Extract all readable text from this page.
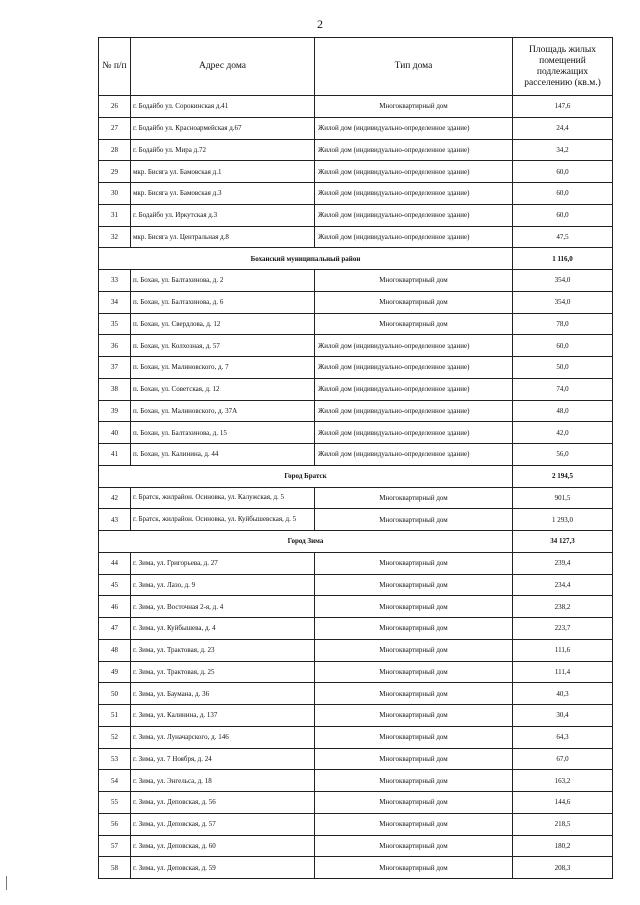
2
№ п/п	Адрес дома	Тип дома	Площадь жилых помещений подлежащих расселению (кв.м.)
26	г. Бодайбо ул. Сорокинская д.41	Многоквартирный дом	147,6
27	г. Бодайбо ул. Красноармейская д.67	Жилой дом (индивидуально-определенное здание)	24,4
28	г. Бодайбо ул. Мира д.72	Жилой дом (индивидуально-определенное здание)	34,2
29	мкр. Бисяга ул. Бамовская д.1	Жилой дом (индивидуально-определенное здание)	60,0
30	мкр. Бисяга ул. Бамовская д.3	Жилой дом (индивидуально-определенное здание)	60,0
31	г. Бодайбо ул. Иркутская д.3	Жилой дом (индивидуально-определенное здание)	60,0
32	мкр. Бисяга ул. Центральная д.8	Жилой дом (индивидуально-определенное здание)	47,5
Боханский муниципальный район			1 116,0
33	п. Бохан, ул. Балтахинова, д. 2	Многоквартирный дом	354,0
34	п. Бохан, ул. Балтахинова, д. 6	Многоквартирный дом	354,0
35	п. Бохан, ул. Свердлова, д. 12	Многоквартирный дом	78,0
36	п. Бохан, ул. Колхозная, д. 57	Жилой дом (индивидуально-определенное здание)	60,0
37	п. Бохан, ул. Малиновского, д. 7	Жилой дом (индивидуально-определенное здание)	50,0
38	п. Бохан, ул. Советская, д. 12	Жилой дом (индивидуально-определенное здание)	74,0
39	п. Бохан, ул. Малиновского, д. 37А	Жилой дом (индивидуально-определенное здание)	48,0
40	п. Бохан, ул. Балтахинова, д. 15	Жилой дом (индивидуально-определенное здание)	42,0
41	п. Бохан, ул. Калинина, д. 44	Жилой дом (индивидуально-определенное здание)	56,0
Город Братск			2 194,5
42	г. Братск, жилрайон. Осиновка, ул. Калужская, д. 5	Многоквартирный дом	901,5
43	г. Братск, жилрайон. Осиновка, ул. Куйбышевская, д. 5	Многоквартирный дом	1 293,0
Город Зима			34 127,3
44	г. Зима, ул. Григорьева, д. 27	Многоквартирный дом	239,4
45	г. Зима, ул. Лазо, д. 9	Многоквартирный дом	234,4
46	г. Зима, ул. Восточная 2-я, д. 4	Многоквартирный дом	238,2
47	г. Зима, ул. Куйбышева, д. 4	Многоквартирный дом	223,7
48	г. Зима, ул. Трактовая, д. 23	Многоквартирный дом	111,6
49	г. Зима, ул. Трактовая, д. 25	Многоквартирный дом	111,4
50	г. Зима, ул. Баумана, д. 36	Многоквартирный дом	40,3
51	г. Зима, ул. Калинина, д. 137	Многоквартирный дом	30,4
52	г. Зима, ул. Луначарского, д. 146	Многоквартирный дом	64,3
53	г. Зима, ул. 7 Ноября, д. 24	Многоквартирный дом	67,0
54	г. Зима, ул. Энгельса, д. 18	Многоквартирный дом	163,2
55	г. Зима, ул. Деповская, д. 56	Многоквартирный дом	144,6
56	г. Зима, ул. Деповская, д. 57	Многоквартирный дом	218,5
57	г. Зима, ул. Деповская, д. 60	Многоквартирный дом	180,2
58	г. Зима, ул. Деповская, д. 59	Многоквартирный дом	208,3
